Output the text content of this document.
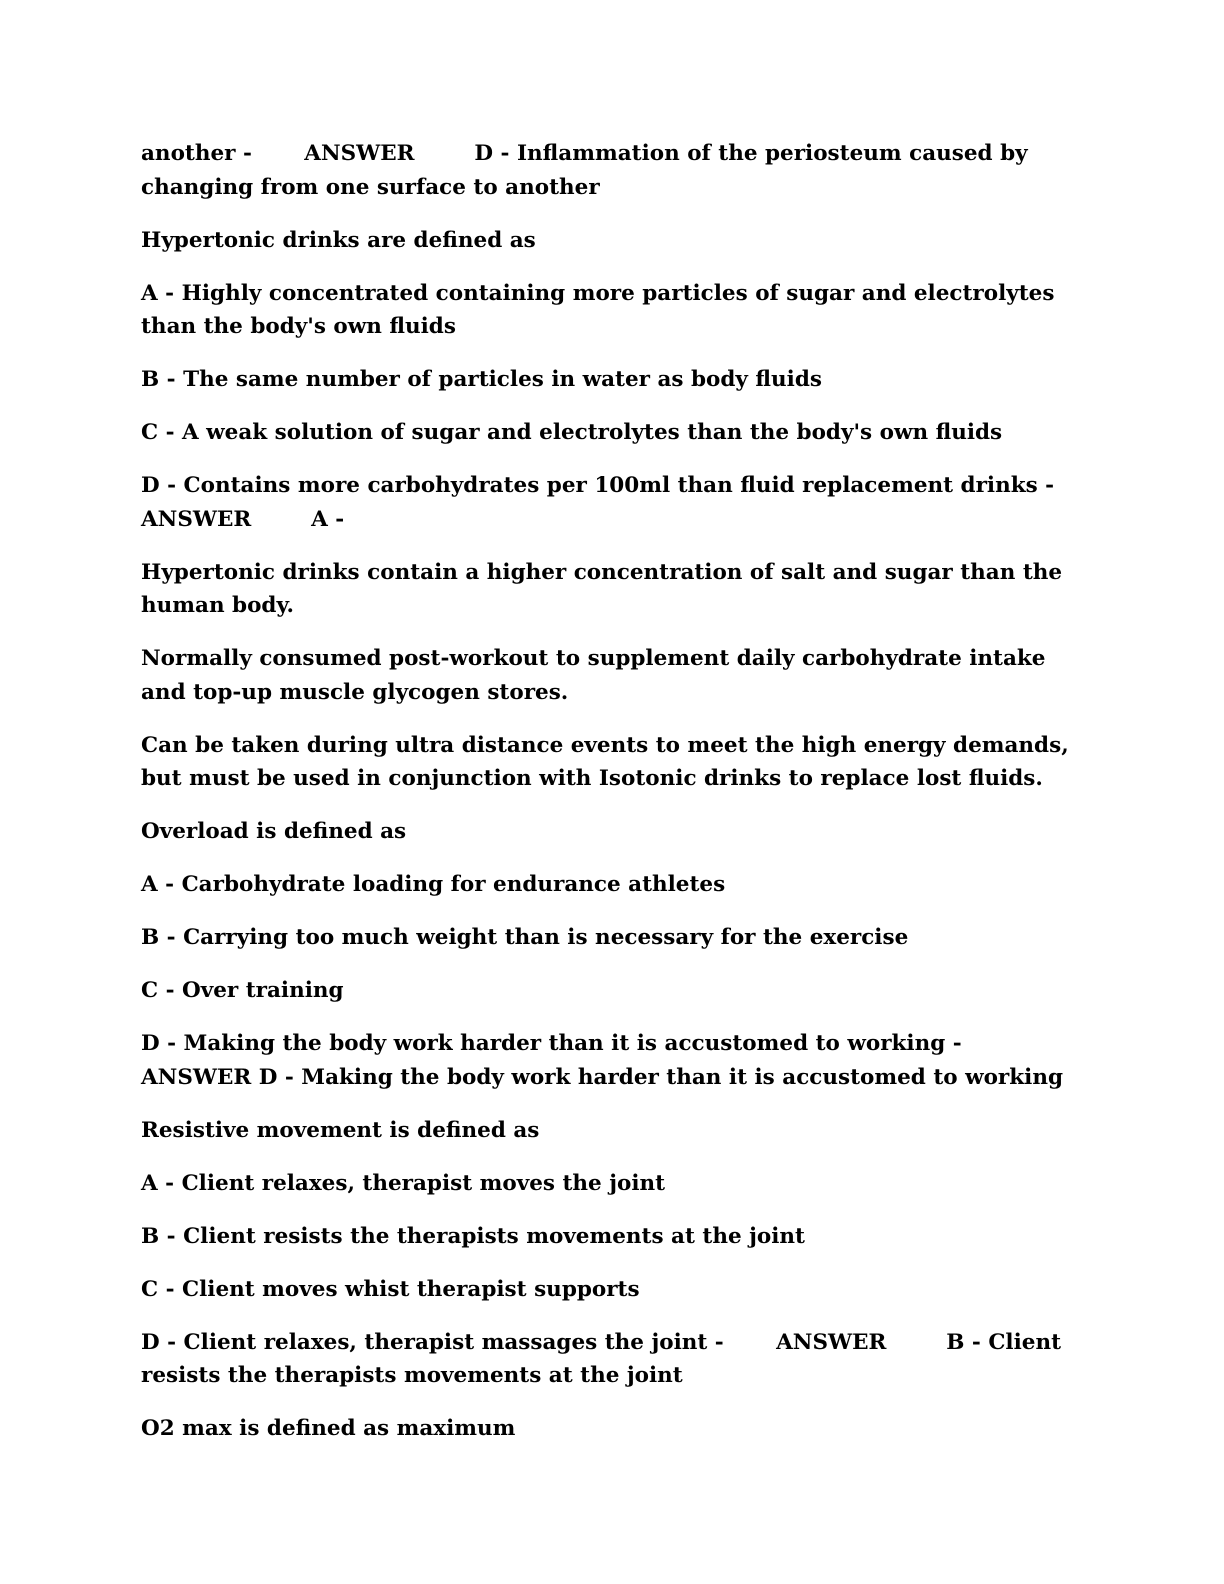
another -       ANSWER        D - Inflammation of the periosteum caused by changing from one surface to another

Hypertonic drinks are defined as

A - Highly concentrated containing more particles of sugar and electrolytes than the body's own fluids

B - The same number of particles in water as body fluids

C - A weak solution of sugar and electrolytes than the body's own fluids

D - Contains more carbohydrates per 100ml than fluid replacement drinks - ANSWER        A -

Hypertonic drinks contain a higher concentration of salt and sugar than the human body.

Normally consumed post-workout to supplement daily carbohydrate intake and top-up muscle glycogen stores.

Can be taken during ultra distance events to meet the high energy demands, but must be used in conjunction with Isotonic drinks to replace lost fluids.

Overload is defined as

A - Carbohydrate loading for endurance athletes

B - Carrying too much weight than is necessary for the exercise

C - Over training

D - Making the body work harder than it is accustomed to working -       ANSWER D - Making the body work harder than it is accustomed to working

Resistive movement is defined as

A - Client relaxes, therapist moves the joint

B - Client resists the therapists movements at the joint

C - Client moves whist therapist supports

D - Client relaxes, therapist massages the joint -       ANSWER        B - Client resists the therapists movements at the joint

O2 max is defined as maximum
